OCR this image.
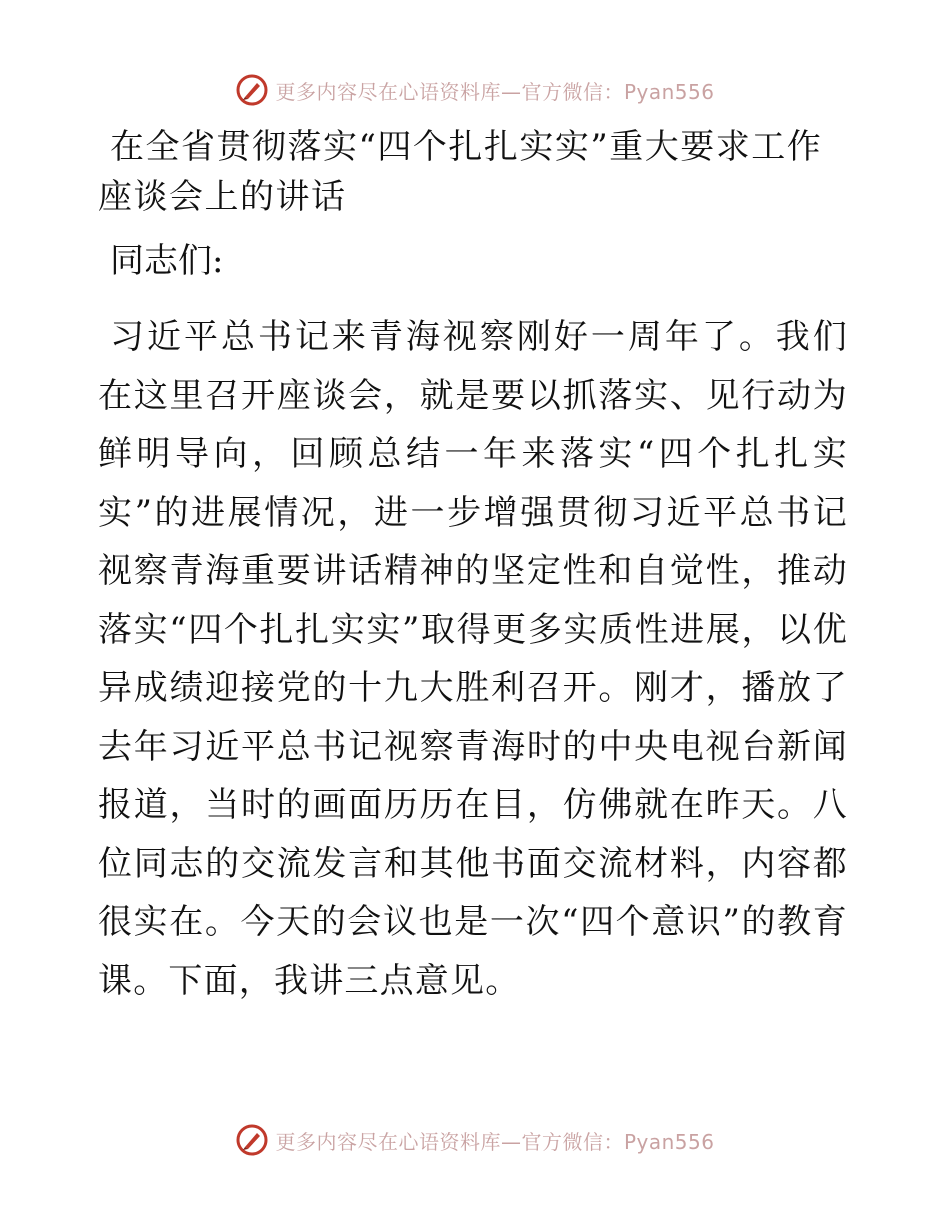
更多内容尽在心语资料库—官方微信：Pyan556
在全省贯彻落实“四个扎扎实实”重大要求工作座谈会上的讲话

同志们:

习近平总书记来青海视察刚好一周年了。我们在这里召开座谈会，就是要以抓落实、见行动为鲜明导向，回顾总结一年来落实“四个扎扎实实”的进展情况，进一步增强贯彻习近平总书记视察青海重要讲话精神的坚定性和自觉性，推动落实“四个扎扎实实”取得更多实质性进展，以优异成绩迎接党的十九大胜利召开。刚才，播放了去年习近平总书记视察青海时的中央电视台新闻报道，当时的画面历历在目，仿佛就在昨天。八位同志的交流发言和其他书面交流材料，内容都很实在。今天的会议也是一次“四个意识”的教育课。下面，我讲三点意见。

更多内容尽在心语资料库—官方微信：Pyan556
